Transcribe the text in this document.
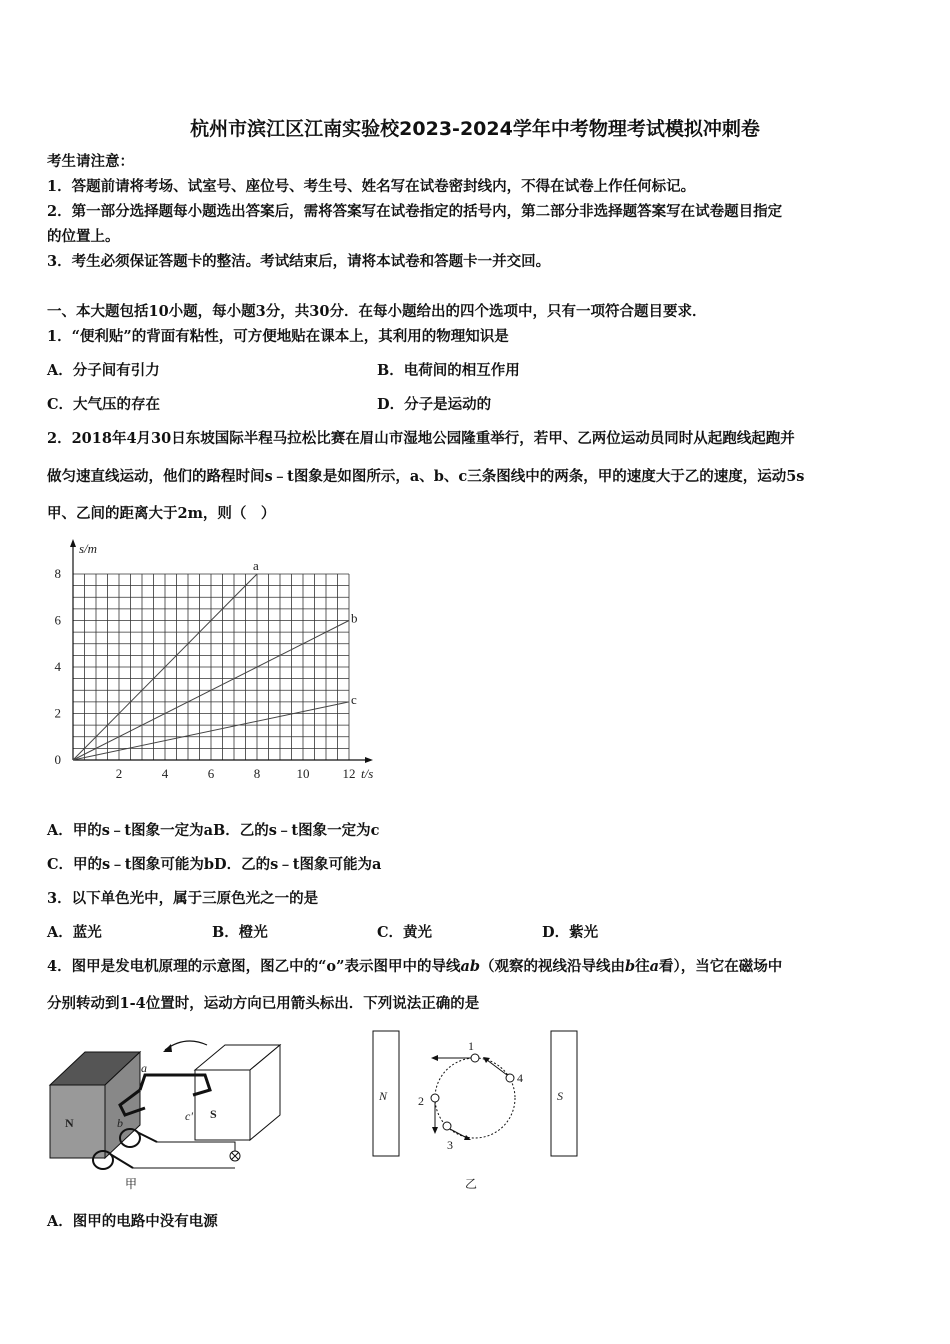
杭州市滨江区江南实验校2023-2024学年中考物理考试模拟冲刺卷
考生请注意：
1．答题前请将考场、试室号、座位号、考生号、姓名写在试卷密封线内，不得在试卷上作任何标记。
2．第一部分选择题每小题选出答案后，需将答案写在试卷指定的括号内，第二部分非选择题答案写在试卷题目指定
的位置上。
3．考生必须保证答题卡的整洁。考试结束后，请将本试卷和答题卡一并交回。
一、本大题包括10小题，每小题3分，共30分．在每小题给出的四个选项中，只有一项符合题目要求．
1．“便利贴”的背面有粘性，可方便地贴在课本上，其利用的物理知识是
A．分子间有引力	B．电荷间的相互作用
C．大气压的存在	D．分子是运动的
2．2018年4月30日东坡国际半程马拉松比赛在眉山市湿地公园隆重举行，若甲、乙两位运动员同时从起跑线起跑并
做匀速直线运动，他们的路程时间s﹣t图象是如图所示，a、b、c三条图线中的两条，甲的速度大于乙的速度，运动5s
甲、乙间的距离大于2m，则（　）
2	4	6	8	10	12
0
2
4
6
8
t/s
s/m
a
b
c
A．甲的s﹣t图象一定为aB．乙的s﹣t图象一定为c
C．甲的s﹣t图象可能为bD．乙的s﹣t图象可能为a
3．以下单色光中，属于三原色光之一的是
A．蓝光	B．橙光	C．黄光	D．紫光
4．图甲是发电机原理的示意图，图乙中的“o”表示图甲中的导线ab（观察的视线沿导线由b往a看），当它在磁场中
分别转动到1-4位置时，运动方向已用箭头标出．下列说法正确的是
N
S
a
b	c'
甲
N	S
1
4
2
3
乙
A．图甲的电路中没有电源
